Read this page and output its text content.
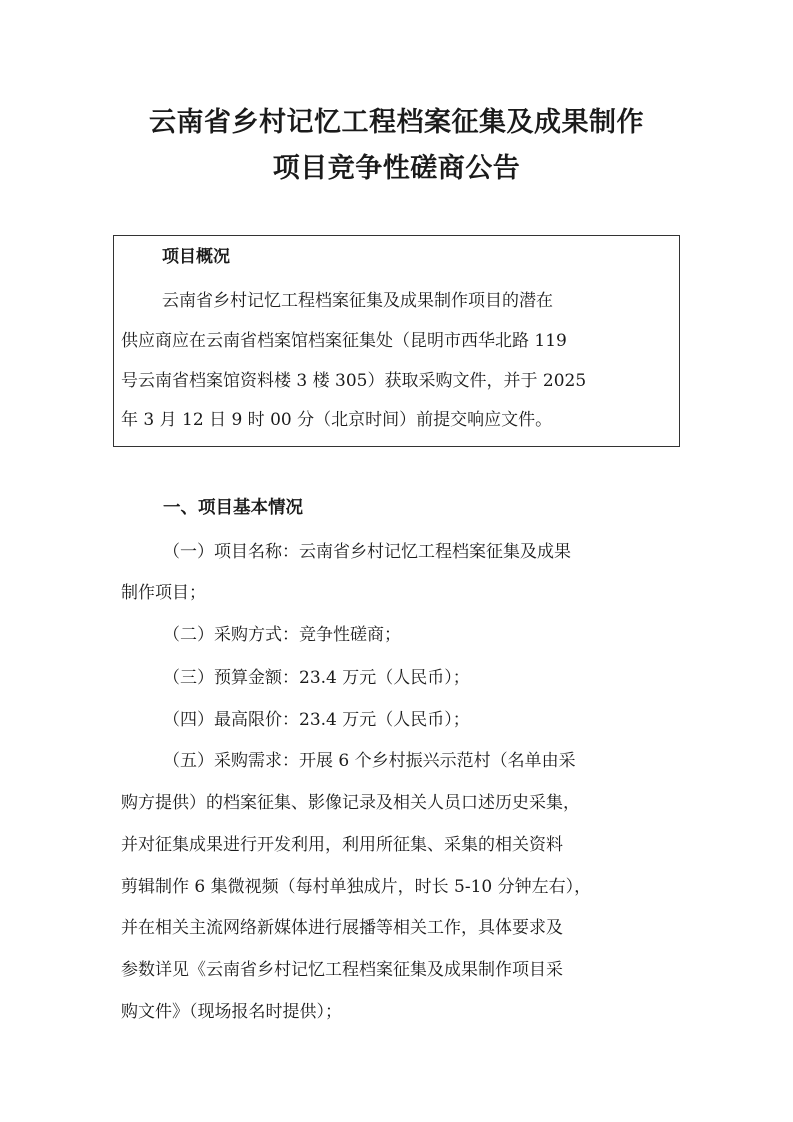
云南省乡村记忆工程档案征集及成果制作
项目竞争性磋商公告
项目概况
云南省乡村记忆工程档案征集及成果制作项目的潜在
供应商应在云南省档案馆档案征集处（昆明市西华北路 119
号云南省档案馆资料楼 3 楼 305）获取采购文件，并于 2025
年 3 月 12 日 9 时 00 分（北京时间）前提交响应文件。
一、项目基本情况
（一）项目名称：云南省乡村记忆工程档案征集及成果
制作项目；
（二）采购方式：竞争性磋商；
（三）预算金额：23.4 万元（人民币）；
（四）最高限价：23.4 万元（人民币）；
（五）采购需求：开展 6 个乡村振兴示范村（名单由采
购方提供）的档案征集、影像记录及相关人员口述历史采集，
并对征集成果进行开发利用，利用所征集、采集的相关资料
剪辑制作 6 集微视频（每村单独成片，时长 5-10 分钟左右），
并在相关主流网络新媒体进行展播等相关工作，具体要求及
参数详见《云南省乡村记忆工程档案征集及成果制作项目采
购文件》（现场报名时提供）；
